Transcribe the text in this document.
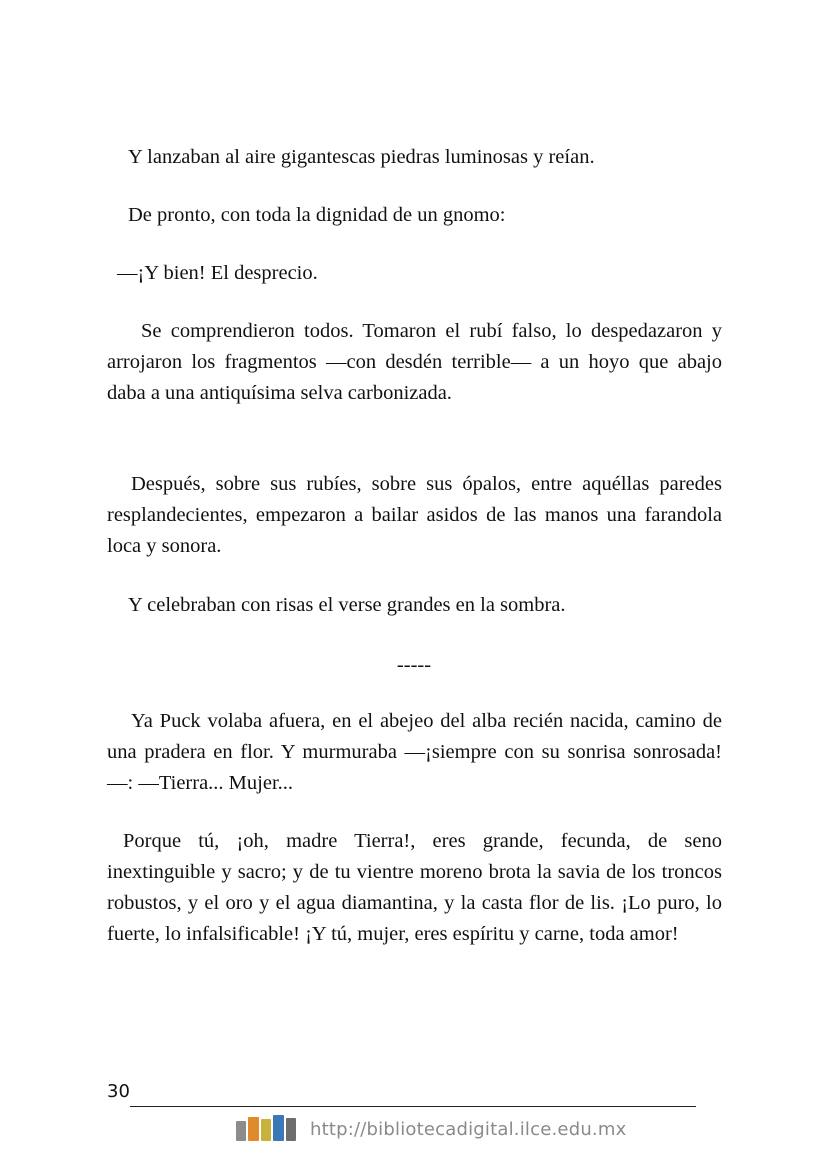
Y lanzaban al aire gigantescas piedras luminosas y reían.

De pronto, con toda la dignidad de un gnomo:

—¡Y bien! El desprecio.

Se comprendieron todos. Tomaron el rubí falso, lo despedazaron y arrojaron los fragmentos —con desdén terrible— a un hoyo que abajo daba a una antiquísima selva carbonizada.

Después, sobre sus rubíes, sobre sus ópalos, entre aquéllas paredes resplandecientes, empezaron a bailar asidos de las manos una farandola loca y sonora.

Y celebraban con risas el verse grandes en la sombra.

-----

Ya Puck volaba afuera, en el abejeo del alba recién nacida, camino de una pradera en flor. Y murmuraba —¡siempre con su sonrisa sonrosada!—: —Tierra... Mujer...

Porque tú, ¡oh, madre Tierra!, eres grande, fecunda, de seno inextinguible y sacro; y de tu vientre moreno brota la savia de los troncos robustos, y el oro y el agua diamantina, y la casta flor de lis. ¡Lo puro, lo fuerte, lo infalsificable! ¡Y tú, mujer, eres espíritu y carne, toda amor!

30
http://bibliotecadigital.ilce.edu.mx
